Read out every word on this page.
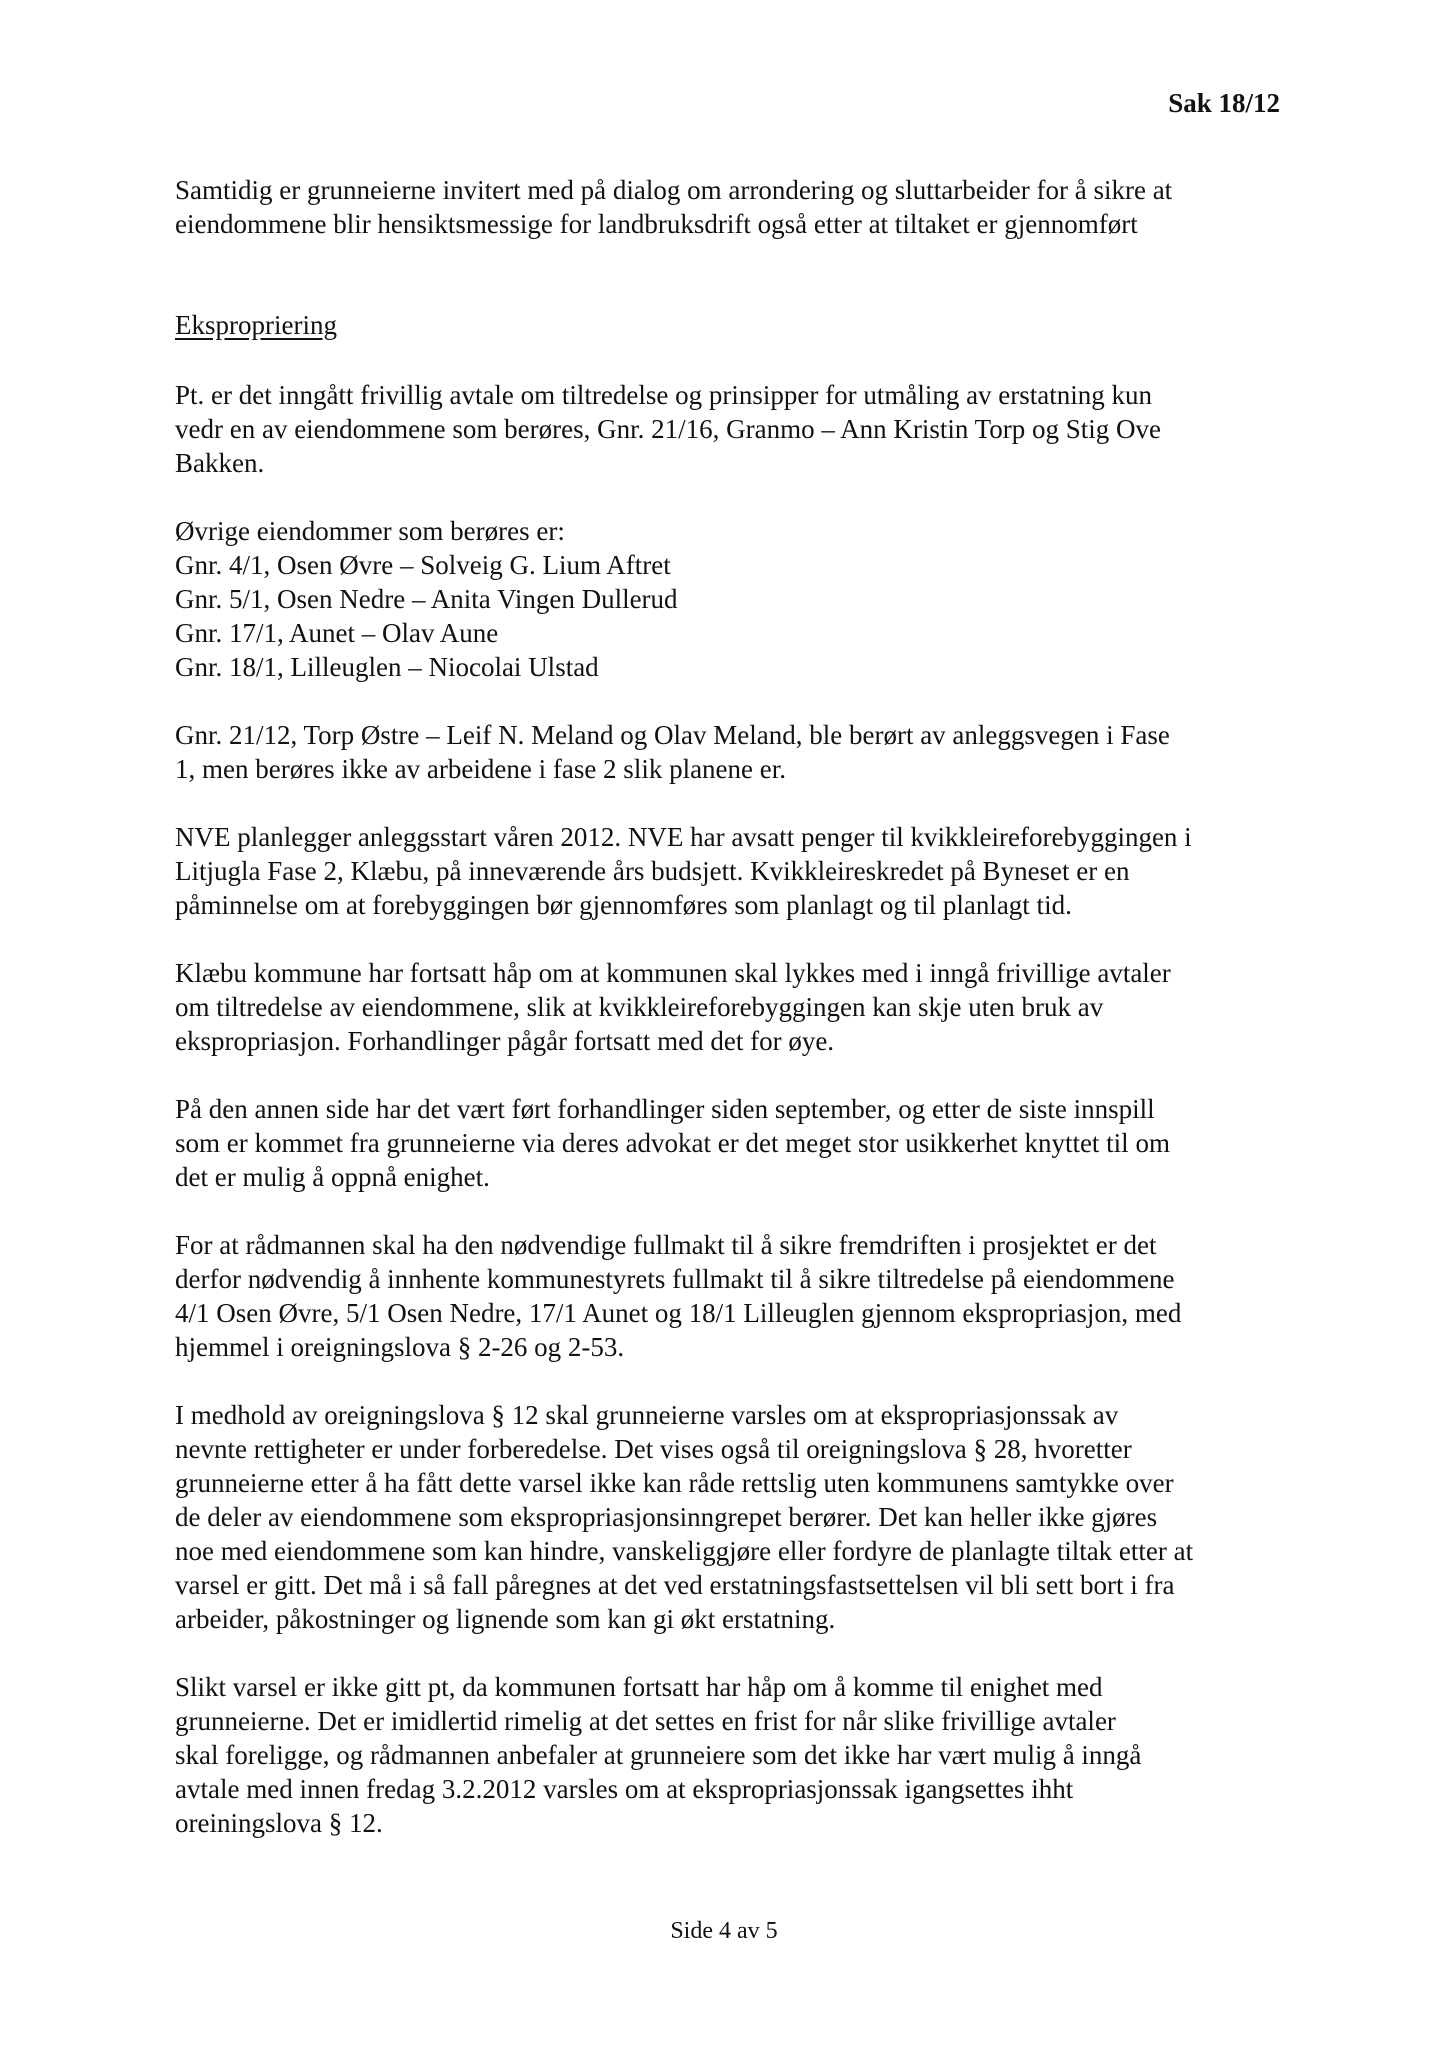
Sak 18/12
Samtidig er grunneierne invitert med på dialog om arrondering og sluttarbeider for å sikre at
eiendommene blir hensiktsmessige for landbruksdrift også etter at tiltaket er gjennomført
Ekspropriering
Pt. er det inngått frivillig avtale om tiltredelse og prinsipper for utmåling av erstatning kun
vedr en av eiendommene som berøres, Gnr. 21/16, Granmo – Ann Kristin Torp og Stig Ove
Bakken.
Øvrige eiendommer som berøres er:
Gnr. 4/1, Osen Øvre – Solveig G. Lium Aftret
Gnr. 5/1, Osen Nedre – Anita Vingen Dullerud
Gnr. 17/1, Aunet – Olav Aune
Gnr. 18/1, Lilleuglen – Niocolai Ulstad
Gnr. 21/12, Torp Østre – Leif N. Meland og Olav Meland, ble berørt av anleggsvegen i Fase
1, men berøres ikke av arbeidene i fase 2 slik planene er.
NVE planlegger anleggsstart våren 2012. NVE har avsatt penger til kvikkleireforebyggingen i
Litjugla Fase 2, Klæbu, på inneværende års budsjett. Kvikkleireskredet på Byneset er en
påminnelse om at forebyggingen bør gjennomføres som planlagt og til planlagt tid.
Klæbu kommune har fortsatt håp om at kommunen skal lykkes med i inngå frivillige avtaler
om tiltredelse av eiendommene, slik at kvikkleireforebyggingen kan skje uten bruk av
ekspropriasjon. Forhandlinger pågår fortsatt med det for øye.
På den annen side har det vært ført forhandlinger siden september, og etter de siste innspill
som er kommet fra grunneierne via deres advokat er det meget stor usikkerhet knyttet til om
det er mulig å oppnå enighet.
For at rådmannen skal ha den nødvendige fullmakt til å sikre fremdriften i prosjektet er det
derfor nødvendig å innhente kommunestyrets fullmakt til å sikre tiltredelse på eiendommene
4/1 Osen Øvre, 5/1 Osen Nedre, 17/1 Aunet og 18/1 Lilleuglen gjennom ekspropriasjon, med
hjemmel i oreigningslova § 2-26 og 2-53.
I medhold av oreigningslova § 12 skal grunneierne varsles om at ekspropriasjonssak av
nevnte rettigheter er under forberedelse. Det vises også til oreigningslova § 28, hvoretter
grunneierne etter å ha fått dette varsel ikke kan råde rettslig uten kommunens samtykke over
de deler av eiendommene som ekspropriasjonsinngrepet berører. Det kan heller ikke gjøres
noe med eiendommene som kan hindre, vanskeliggjøre eller fordyre de planlagte tiltak etter at
varsel er gitt. Det må i så fall påregnes at det ved erstatningsfastsettelsen vil bli sett bort i fra
arbeider, påkostninger og lignende som kan gi økt erstatning.
Slikt varsel er ikke gitt pt, da kommunen fortsatt har håp om å komme til enighet med
grunneierne. Det er imidlertid rimelig at det settes en frist for når slike frivillige avtaler
skal foreligge, og rådmannen anbefaler at grunneiere som det ikke har vært mulig å inngå
avtale med innen fredag 3.2.2012 varsles om at ekspropriasjonssak igangsettes ihht
oreiningslova § 12.
Side 4 av 5
